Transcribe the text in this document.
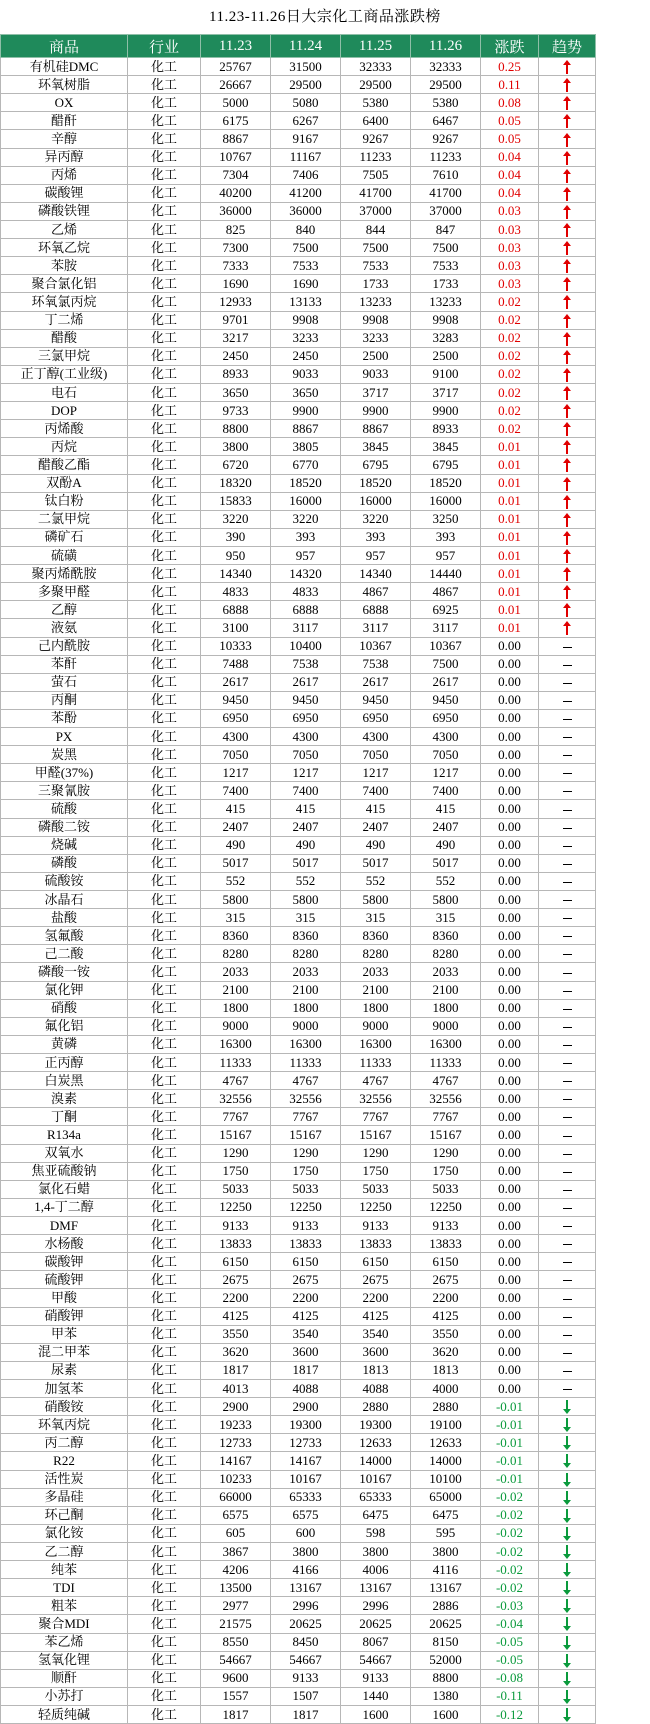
11.23-11.26日大宗化工商品涨跌榜
商品	行业	11.23	11.24	11.25	11.26	涨跌	趋势
有机硅DMC	化工	25767	31500	32333	32333	0.25	
环氧树脂	化工	26667	29500	29500	29500	0.11	
OX	化工	5000	5080	5380	5380	0.08	
醋酐	化工	6175	6267	6400	6467	0.05	
辛醇	化工	8867	9167	9267	9267	0.05	
异丙醇	化工	10767	11167	11233	11233	0.04	
丙烯	化工	7304	7406	7505	7610	0.04	
碳酸锂	化工	40200	41200	41700	41700	0.04	
磷酸铁锂	化工	36000	36000	37000	37000	0.03	
乙烯	化工	825	840	844	847	0.03	
环氧乙烷	化工	7300	7500	7500	7500	0.03	
苯胺	化工	7333	7533	7533	7533	0.03	
聚合氯化铝	化工	1690	1690	1733	1733	0.03	
环氧氯丙烷	化工	12933	13133	13233	13233	0.02	
丁二烯	化工	9701	9908	9908	9908	0.02	
醋酸	化工	3217	3233	3233	3283	0.02	
三氯甲烷	化工	2450	2450	2500	2500	0.02	
正丁醇(工业级)	化工	8933	9033	9033	9100	0.02	
电石	化工	3650	3650	3717	3717	0.02	
DOP	化工	9733	9900	9900	9900	0.02	
丙烯酸	化工	8800	8867	8867	8933	0.02	
丙烷	化工	3800	3805	3845	3845	0.01	
醋酸乙酯	化工	6720	6770	6795	6795	0.01	
双酚A	化工	18320	18520	18520	18520	0.01	
钛白粉	化工	15833	16000	16000	16000	0.01	
二氯甲烷	化工	3220	3220	3220	3250	0.01	
磷矿石	化工	390	393	393	393	0.01	
硫磺	化工	950	957	957	957	0.01	
聚丙烯酰胺	化工	14340	14320	14340	14440	0.01	
多聚甲醛	化工	4833	4833	4867	4867	0.01	
乙醇	化工	6888	6888	6888	6925	0.01	
液氨	化工	3100	3117	3117	3117	0.01	
己内酰胺	化工	10333	10400	10367	10367	0.00	
苯酐	化工	7488	7538	7538	7500	0.00	
萤石	化工	2617	2617	2617	2617	0.00	
丙酮	化工	9450	9450	9450	9450	0.00	
苯酚	化工	6950	6950	6950	6950	0.00	
PX	化工	4300	4300	4300	4300	0.00	
炭黑	化工	7050	7050	7050	7050	0.00	
甲醛(37%)	化工	1217	1217	1217	1217	0.00	
三聚氰胺	化工	7400	7400	7400	7400	0.00	
硫酸	化工	415	415	415	415	0.00	
磷酸二铵	化工	2407	2407	2407	2407	0.00	
烧碱	化工	490	490	490	490	0.00	
磷酸	化工	5017	5017	5017	5017	0.00	
硫酸铵	化工	552	552	552	552	0.00	
冰晶石	化工	5800	5800	5800	5800	0.00	
盐酸	化工	315	315	315	315	0.00	
氢氟酸	化工	8360	8360	8360	8360	0.00	
己二酸	化工	8280	8280	8280	8280	0.00	
磷酸一铵	化工	2033	2033	2033	2033	0.00	
氯化钾	化工	2100	2100	2100	2100	0.00	
硝酸	化工	1800	1800	1800	1800	0.00	
氟化铝	化工	9000	9000	9000	9000	0.00	
黄磷	化工	16300	16300	16300	16300	0.00	
正丙醇	化工	11333	11333	11333	11333	0.00	
白炭黑	化工	4767	4767	4767	4767	0.00	
溴素	化工	32556	32556	32556	32556	0.00	
丁酮	化工	7767	7767	7767	7767	0.00	
R134a	化工	15167	15167	15167	15167	0.00	
双氧水	化工	1290	1290	1290	1290	0.00	
焦亚硫酸钠	化工	1750	1750	1750	1750	0.00	
氯化石蜡	化工	5033	5033	5033	5033	0.00	
1,4-丁二醇	化工	12250	12250	12250	12250	0.00	
DMF	化工	9133	9133	9133	9133	0.00	
水杨酸	化工	13833	13833	13833	13833	0.00	
碳酸钾	化工	6150	6150	6150	6150	0.00	
硫酸钾	化工	2675	2675	2675	2675	0.00	
甲酸	化工	2200	2200	2200	2200	0.00	
硝酸钾	化工	4125	4125	4125	4125	0.00	
甲苯	化工	3550	3540	3540	3550	0.00	
混二甲苯	化工	3620	3600	3600	3620	0.00	
尿素	化工	1817	1817	1813	1813	0.00	
加氢苯	化工	4013	4088	4088	4000	0.00	
硝酸铵	化工	2900	2900	2880	2880	-0.01	
环氧丙烷	化工	19233	19300	19300	19100	-0.01	
丙二醇	化工	12733	12733	12633	12633	-0.01	
R22	化工	14167	14167	14000	14000	-0.01	
活性炭	化工	10233	10167	10167	10100	-0.01	
多晶硅	化工	66000	65333	65333	65000	-0.02	
环己酮	化工	6575	6575	6475	6475	-0.02	
氯化铵	化工	605	600	598	595	-0.02	
乙二醇	化工	3867	3800	3800	3800	-0.02	
纯苯	化工	4206	4166	4006	4116	-0.02	
TDI	化工	13500	13167	13167	13167	-0.02	
粗苯	化工	2977	2996	2996	2886	-0.03	
聚合MDI	化工	21575	20625	20625	20625	-0.04	
苯乙烯	化工	8550	8450	8067	8150	-0.05	
氢氧化锂	化工	54667	54667	54667	52000	-0.05	
顺酐	化工	9600	9133	9133	8800	-0.08	
小苏打	化工	1557	1507	1440	1380	-0.11	
轻质纯碱	化工	1817	1817	1600	1600	-0.12	
